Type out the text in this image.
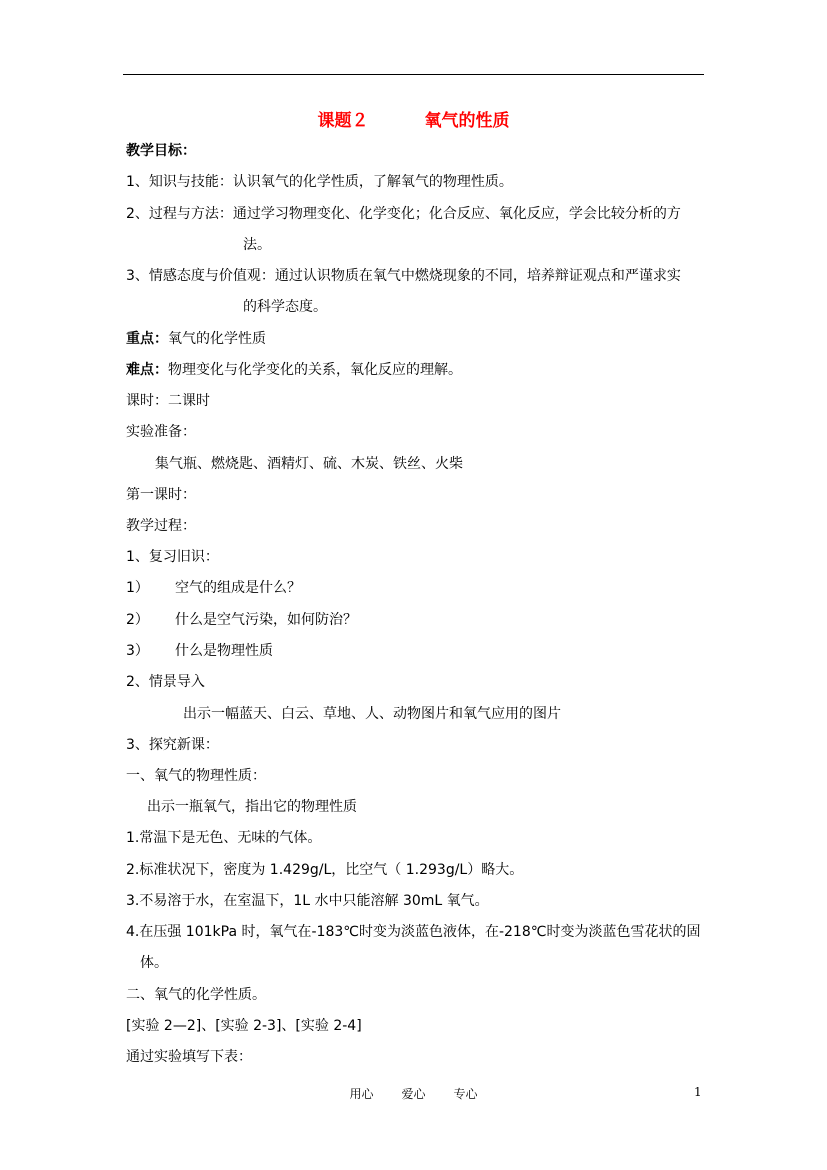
课题２	氧气的性质
教学目标：
1、知识与技能：认识氧气的化学性质，了解氧气的物理性质。
2、过程与方法：通过学习物理变化、化学变化；化合反应、氧化反应，学会比较分析的方
法。
3、情感态度与价值观：通过认识物质在氧气中燃烧现象的不同，培养辩证观点和严谨求实
的科学态度。
重点：氧气的化学性质
难点：物理变化与化学变化的关系，氧化反应的理解。
课时：二课时
实验准备：
集气瓶、燃烧匙、酒精灯、硫、木炭、铁丝、火柴
第一课时：
教学过程：
1、复习旧识：
1） 空气的组成是什么？
2） 什么是空气污染，如何防治？
3） 什么是物理性质
2、情景导入
出示一幅蓝天、白云、草地、人、动物图片和氧气应用的图片
3、探究新课：
一、氧气的物理性质：
出示一瓶氧气，指出它的物理性质
1.常温下是无色、无味的气体。
2.标准状况下，密度为 1.429g/L，比空气（ 1.293g/L）略大。
3.不易溶于水，在室温下，1L 水中只能溶解 30mL 氧气。
4.在压强 101kPa 时，氧气在-183℃时变为淡蓝色液体，在-218℃时变为淡蓝色雪花状的固
体。
二、氧气的化学性质。
[实验 2—2]、[实验 2-3]、[实验 2-4]
通过实验填写下表：
用心 爱心 专心	1
